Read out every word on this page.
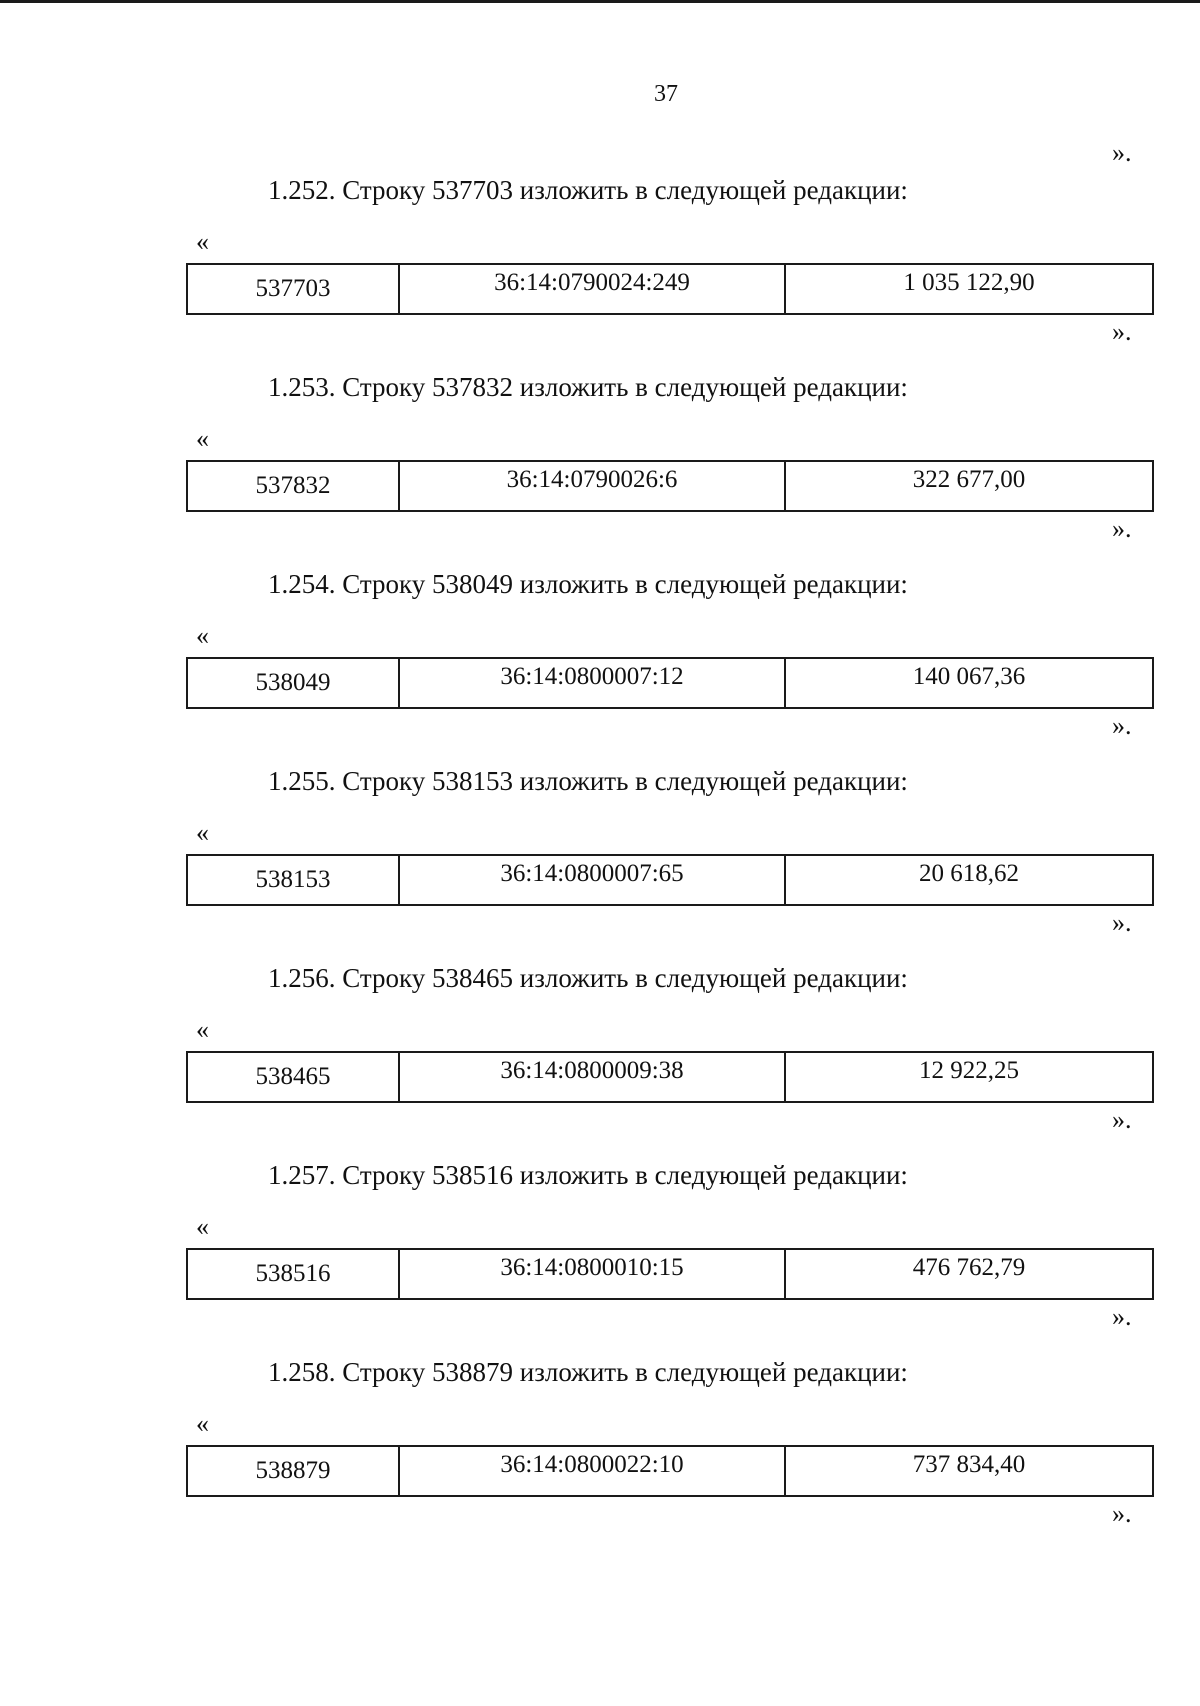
37
».
1.252. Строку 537703 изложить в следующей редакции:
«
537703	36:14:0790024:249	1 035 122,90
».
1.253. Строку 537832 изложить в следующей редакции:
«
537832	36:14:0790026:6	322 677,00
».
1.254. Строку 538049 изложить в следующей редакции:
«
538049	36:14:0800007:12	140 067,36
».
1.255. Строку 538153 изложить в следующей редакции:
«
538153	36:14:0800007:65	20 618,62
».
1.256. Строку 538465 изложить в следующей редакции:
«
538465	36:14:0800009:38	12 922,25
».
1.257. Строку 538516 изложить в следующей редакции:
«
538516	36:14:0800010:15	476 762,79
».
1.258. Строку 538879 изложить в следующей редакции:
«
538879	36:14:0800022:10	737 834,40
».
